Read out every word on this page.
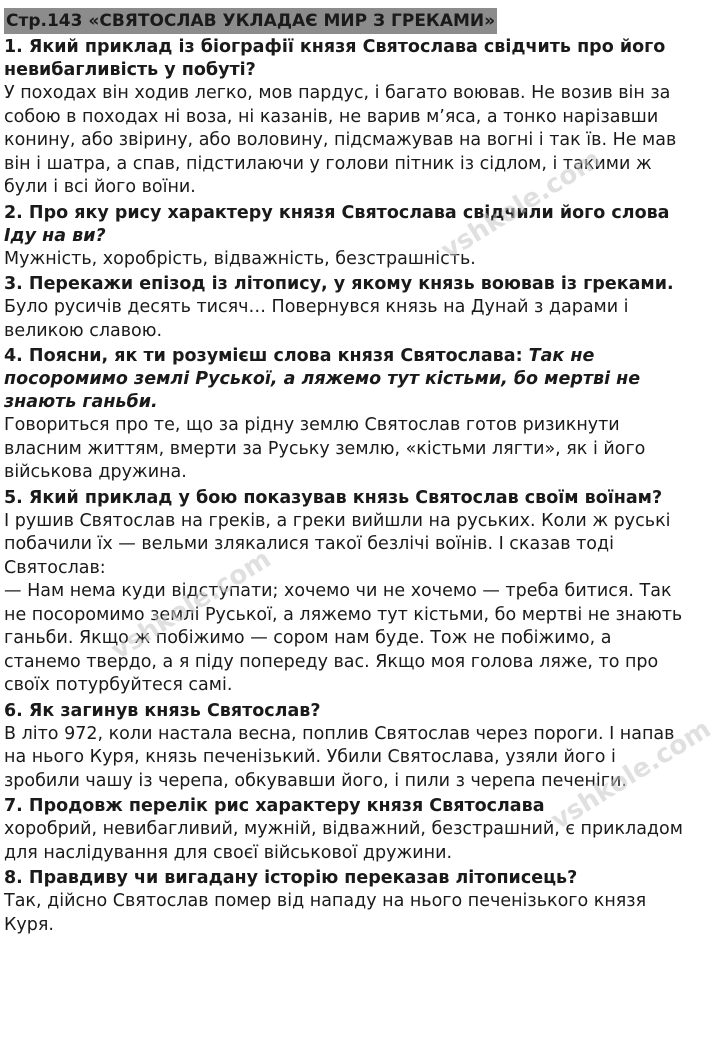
Стр.143 «СВЯТОСЛАВ УКЛАДАЄ МИР З ГРЕКАМИ»
1. Який приклад із біографії князя Святослава свідчить про його невибагливість у побуті?

У походах він ходив легко, мов пардус, і багато воював. Не возив він за собою в походах ні воза, ні казанів, не варив м’яса, а тонко нарізавши конину, або звірину, або воловину, підсмажував на вогні і так їв. Не мав він і шатра, а спав, підстилаючи у голови пітник із сідлом, і такими ж були і всі його воїни.

2. Про яку рису характеру князя Святослава свідчили його слова Іду на ви?

Мужність, хоробрість, відважність, безстрашність.

3. Перекажи епізод із літопису, у якому князь воював із греками.

Було русичів десять тисяч… Повернувся князь на Дунай з дарами і великою славою.

4. Поясни, як ти розумієш слова князя Святослава: Так не посоромимо землі Руської, а ляжемо тут кістьми, бо мертві не знають ганьби.

Говориться про те, що за рідну землю Святослав готов ризикнути власним життям, вмерти за Руську землю, «кістьми лягти», як і його військова дружина.

5. Який приклад у бою показував князь Святослав своїм воїнам?

І рушив Святослав на греків, а греки вийшли на руських. Коли ж руські побачили їх — вельми злякалися такої безлічі воїнів. І сказав тоді Святослав:

— Нам нема куди відступати; хочемо чи не хочемо — треба битися. Так не посоромимо землі Руської, а ляжемо тут кістьми, бо мертві не знають ганьби. Якщо ж побіжимо — сором нам буде. Тож не побіжимо, а станемо твердо, а я піду попереду вас. Якщо моя голова ляже, то про своїх потурбуйтеся самі.

6. Як загинув князь Святослав?

В літо 972, коли настала весна, поплив Святослав через пороги. І напав на нього Куря, князь печенізький. Убили Святослава, узяли його і зробили чашу із черепа, обкувавши його, і пили з черепа печеніги.

7. Продовж перелік рис характеру князя Святослава

хоробрий, невибагливий, мужній, відважний, безстрашний, є прикладом для наслідування для своєї військової дружини.

8. Правдиву чи вигадану історію переказав літописець?

Так, дійсно Святослав помер від нападу на нього печенізького князя Куря.

vshkole.com
vshkole.com
vshkole.com
